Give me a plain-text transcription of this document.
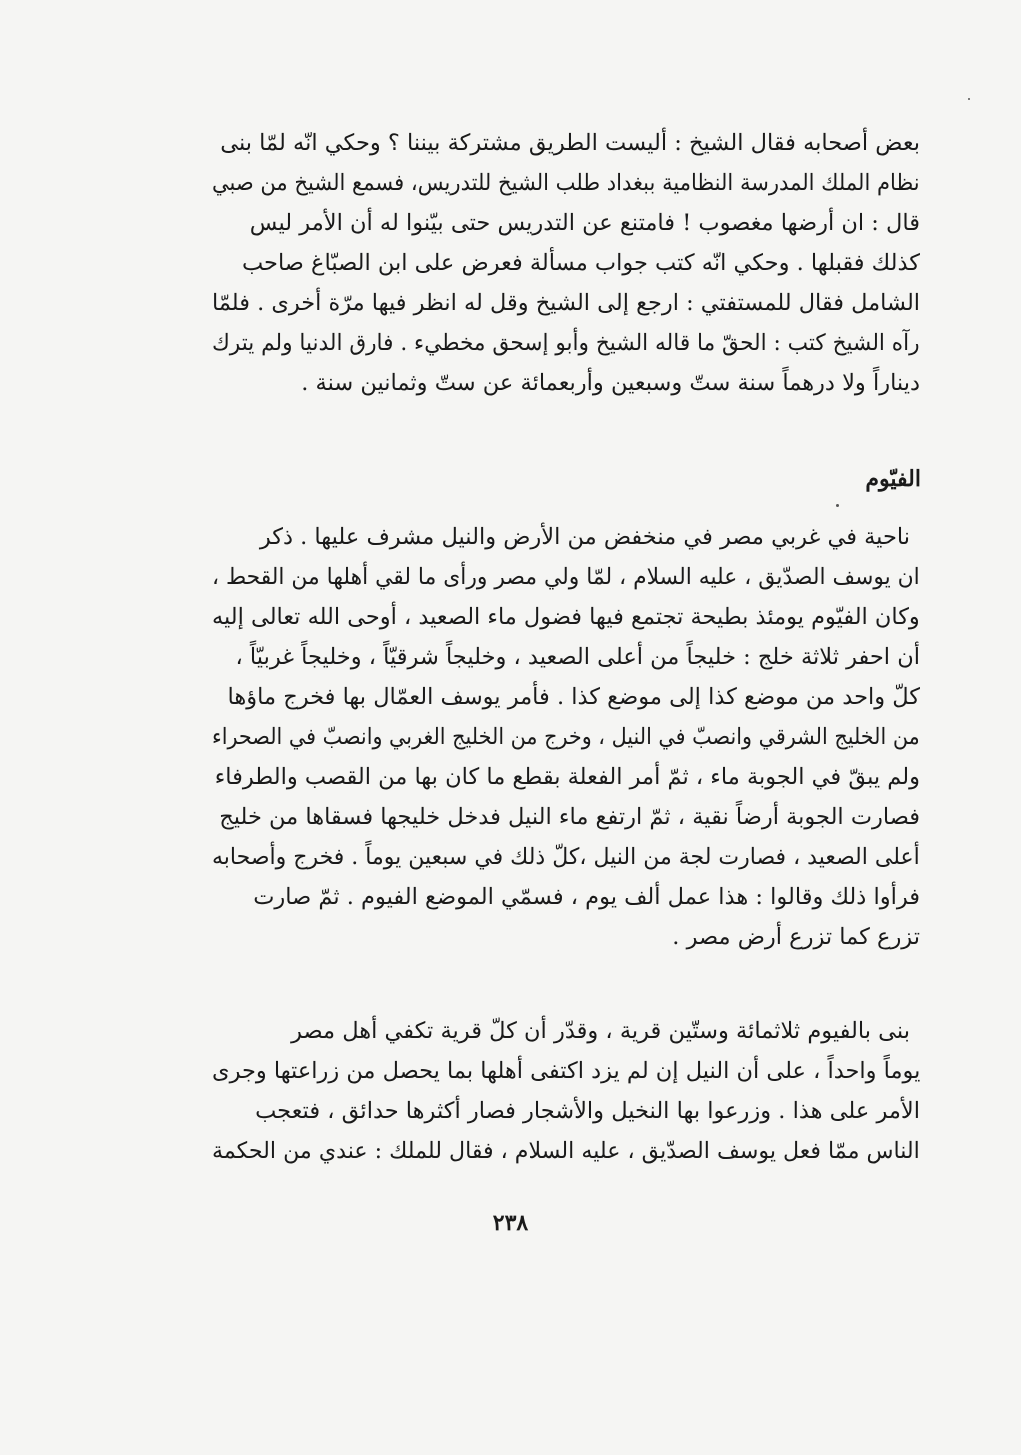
بعض أصحابه فقال الشيخ : أليست الطريق مشتركة بيننا ؟ وحكي انّه لمّا بنى
نظام الملك المدرسة النظامية ببغداد طلب الشيخ للتدريس، فسمع الشيخ من صبي
قال : ان أرضها مغصوب ! فامتنع عن التدريس حتى بيّنوا له أن الأمر ليس
كذلك فقبلها . وحكي انّه كتب جواب مسألة فعرض على ابن الصبّاغ صاحب
الشامل فقال للمستفتي : ارجع إلى الشيخ وقل له انظر فيها مرّة أخرى . فلمّا
رآه الشيخ كتب : الحقّ ما قاله الشيخ وأبو إسحق مخطيء . فارق الدنيا ولم يترك
ديناراً ولا درهماً سنة ستّ وسبعين وأربعمائة عن ستّ وثمانين سنة .
الفيّوم
ناحية في غربي مصر في منخفض من الأرض والنيل مشرف عليها . ذكر
ان يوسف الصدّيق ، عليه السلام ، لمّا ولي مصر ورأى ما لقي أهلها من القحط ،
وكان الفيّوم يومئذ بطيحة تجتمع فيها فضول ماء الصعيد ، أوحى الله تعالى إليه
أن احفر ثلاثة خلج : خليجاً من أعلى الصعيد ، وخليجاً شرقيّاً ، وخليجاً غربيّاً ،
كلّ واحد من موضع كذا إلى موضع كذا . فأمر يوسف العمّال بها فخرج ماؤها
من الخليج الشرقي وانصبّ في النيل ، وخرج من الخليج الغربي وانصبّ في الصحراء
ولم يبقّ في الجوبة ماء ، ثمّ أمر الفعلة بقطع ما كان بها من القصب والطرفاء
فصارت الجوبة أرضاً نقية ، ثمّ ارتفع ماء النيل فدخل خليجها فسقاها من خليج
أعلى الصعيد ، فصارت لجة من النيل ،كلّ ذلك في سبعين يوماً . فخرج وأصحابه
فرأوا ذلك وقالوا : هذا عمل ألف يوم ، فسمّي الموضع الفيوم . ثمّ صارت
تزرع كما تزرع أرض مصر .
بنى بالفيوم ثلاثمائة وستّين قرية ، وقدّر أن كلّ قرية تكفي أهل مصر
يوماً واحداً ، على أن النيل إن لم يزد اكتفى أهلها بما يحصل من زراعتها وجرى
الأمر على هذا . وزرعوا بها النخيل والأشجار فصار أكثرها حدائق ، فتعجب
الناس ممّا فعل يوسف الصدّيق ، عليه السلام ، فقال للملك : عندي من الحكمة
٢٣٨
